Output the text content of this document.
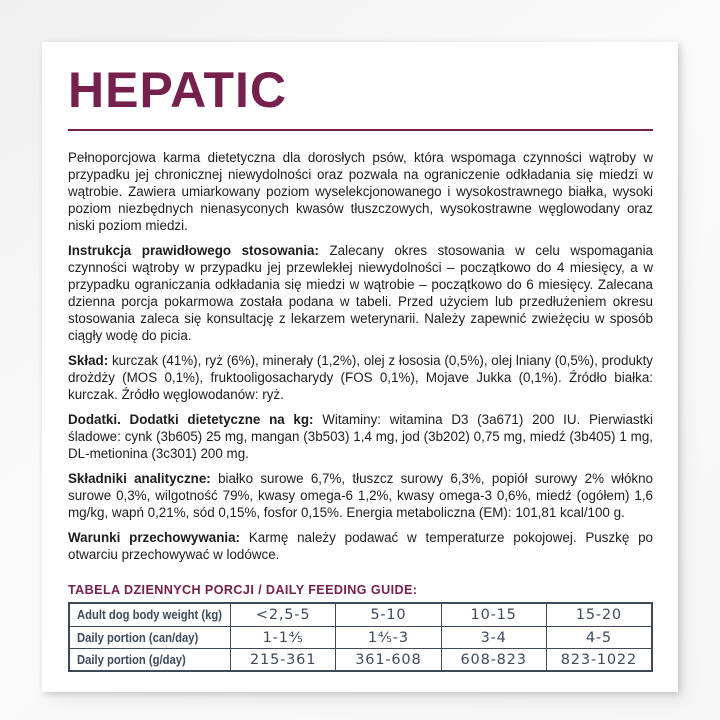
HEPATIC

Pełnoporcjowa karma dietetyczna dla dorosłych psów, która wspomaga czynności wątroby w przypadku jej chronicznej niewydolności oraz pozwala na ograniczenie odkładania się miedzi w wątrobie. Zawiera umiarkowany poziom wyselekcjonowanego i wysokostrawnego białka, wysoki poziom niezbędnych nienasyconych kwasów tłuszczowych, wysokostrawne węglowodany oraz niski poziom miedzi.

Instrukcja prawidłowego stosowania: Zalecany okres stosowania w celu wspomagania czynności wątroby w przypadku jej przewlekłej niewydolności – początkowo do 4 miesięcy, a w przypadku ograniczania odkładania się miedzi w wątrobie – początkowo do 6 miesięcy. Zalecana dzienna porcja pokarmowa została podana w tabeli. Przed użyciem lub przedłużeniem okresu stosowania zaleca się konsultację z lekarzem weterynarii. Należy zapewnić zwieżęciu w sposób ciągły wodę do picia.

Skład: kurczak (41%), ryż (6%), minerały (1,2%), olej z łososia (0,5%), olej lniany (0,5%), produkty drożdży (MOS 0,1%), fruktooligosacharydy (FOS 0,1%), Mojave Jukka (0,1%). Źródło białka: kurczak. Źródło węglowodanów: ryż.

Dodatki. Dodatki dietetyczne na kg: Witaminy: witamina D3 (3a671) 200 IU. Pierwiastki śladowe: cynk (3b605) 25 mg, mangan (3b503) 1,4 mg, jod (3b202) 0,75 mg, miedź (3b405) 1 mg, DL-metionina (3c301) 200 mg.

Składniki analityczne: białko surowe 6,7%, tłuszcz surowy 6,3%, popiół surowy 2% włókno surowe 0,3%, wilgotność 79%, kwasy omega-6 1,2%, kwasy omega-3 0,6%, miedź (ogółem) 1,6 mg/kg, wapń 0,21%, sód 0,15%, fosfor 0,15%. Energia metaboliczna (EM): 101,81 kcal/100 g.

Warunki przechowywania: Karmę należy podawać w temperaturze pokojowej. Puszkę po otwarciu przechowywać w lodówce.

TABELA DZIENNYCH PORCJI / DAILY FEEDING GUIDE:
Adult dog body weight (kg)	<2,5-5	5-10	10-15	15-20
Daily portion (can/day)	1-1⅘	1⅘-3	3-4	4-5
Daily portion (g/day)	215-361	361-608	608-823	823-1022
